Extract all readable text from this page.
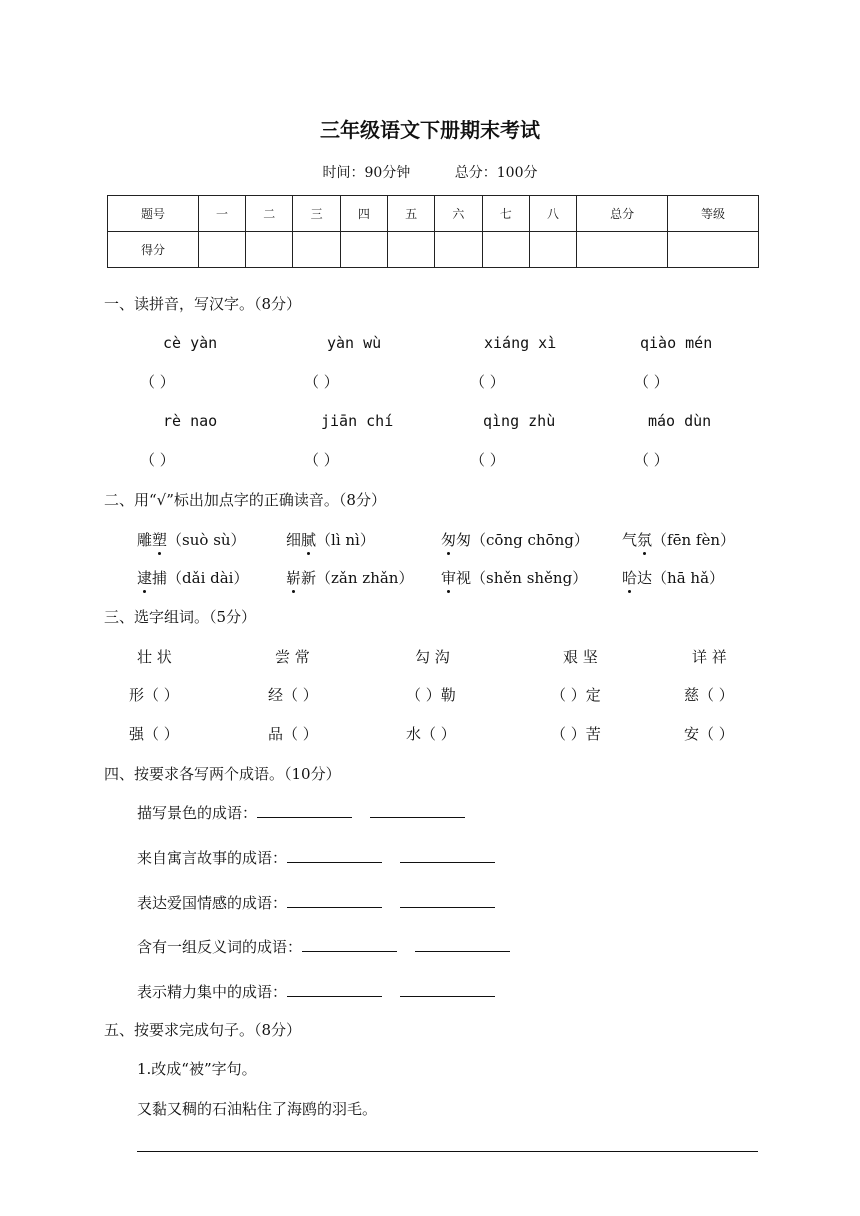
三年级语文下册期末考试
时间：90分钟	总分：100分
题号	一	二	三	四	五	六	七	八	总分	等级
得分										
一、读拼音，写汉字。（8分）
cè yàn	yàn wù	xiáng xì	qiào mén
（ ）	（ ）	（ ）	（ ）
rè nao	jiān chí	qìng zhù	máo dùn
（ ）	（ ）	（ ）	（ ）
二、用“√”标出加点字的正确读音。（8分）
雕塑（suò sù）	细腻（lì nì）	匆匆（cōng chōng） 气氛（fēn fèn）
逮捕（dǎi dài）	崭新（zǎn zhǎn） 审视（shěn shěng） 哈达（hā hǎ）
三、选字组词。（5分）
壮 状	尝 常	勾 沟	艰 坚	详 祥
形（ ）	经（ ）	（ ）勒	（ ）定	慈（ ）
强（ ）	品（ ）	水（ ）	（ ）苦	安（ ）
四、按要求各写两个成语。（10分）
描写景色的成语：
来自寓言故事的成语：
表达爱国情感的成语：
含有一组反义词的成语：
表示精力集中的成语：
五、按要求完成句子。（8分）
1.改成“被”字句。
又黏又稠的石油粘住了海鸥的羽毛。
